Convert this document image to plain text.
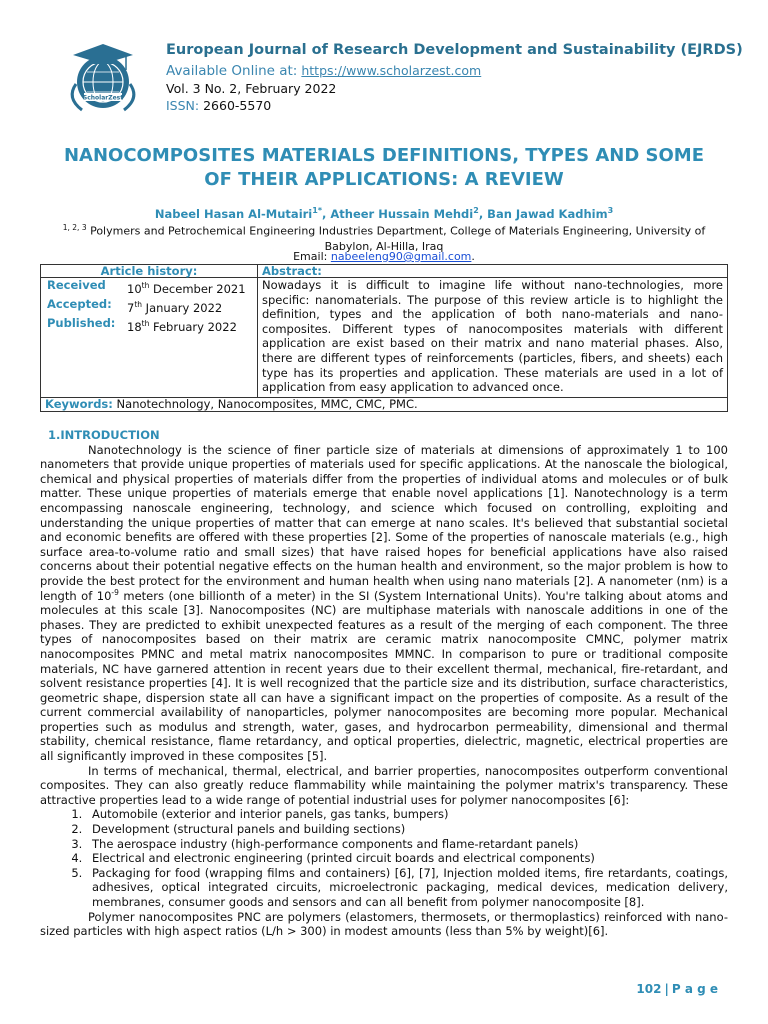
ScholarZest
European Journal of Research Development and Sustainability (EJRDS)
Available Online at: https://www.scholarzest.com
Vol. 3 No. 2, February 2022
ISSN: 2660-5570
NANOCOMPOSITES MATERIALS DEFINITIONS, TYPES AND SOME
OF THEIR APPLICATIONS: A REVIEW
Nabeel Hasan Al-Mutairi$^{1*}$, Atheer Hussain Mehdi$^2$, Ban Jawad Kadhim$^3$
$^{1, 2, 3}$ Polymers and Petrochemical Engineering Industries Department, College of Materials Engineering, University of
Babylon, Al-Hilla, Iraq
Email: nabeeleng90@gmail.com.
Article history:	Abstract:

Received	10th December 2021
Accepted:	7th January 2022
Published:	18th February 2022
	Nowadays it is difficult to imagine life without nano-technologies, more specific: nanomaterials. The purpose of this review article is to highlight the definition, types and the application of both nano-materials and nano-composites. Different types of nanocomposites materials with different application are exist based on their matrix and nano material phases. Also, there are different types of reinforcements (particles, fibers, and sheets) each type has its properties and application. These materials are used in a lot of application from easy application to advanced once.
Keywords: Nanotechnology, Nanocomposites, MMC, CMC, PMC.
1.INTRODUCTION

Nanotechnology is the science of finer particle size of materials at dimensions of approximately 1 to 100 nanometers that provide unique properties of materials used for specific applications. At the nanoscale the biological, chemical and physical properties of materials differ from the properties of individual atoms and molecules or of bulk matter. These unique properties of materials emerge that enable novel applications [1]. Nanotechnology is a term encompassing nanoscale engineering, technology, and science which focused on controlling, exploiting and understanding the unique properties of matter that can emerge at nano scales. It's believed that substantial societal and economic benefits are offered with these properties [2]. Some of the properties of nanoscale materials (e.g., high surface area-to-volume ratio and small sizes) that have raised hopes for beneficial applications have also raised concerns about their potential negative effects on the human health and environment, so the major problem is how to provide the best protect for the environment and human health when using nano materials [2]. A nanometer (nm) is a length of $10^{-9}$ meters (one billionth of a meter) in the SI (System International Units). You're talking about atoms and molecules at this scale [3]. Nanocomposites (NC) are multiphase materials with nanoscale additions in one of the phases. They are predicted to exhibit unexpected features as a result of the merging of each component. The three types of nanocomposites based on their matrix are ceramic matrix nanocomposite CMNC, polymer matrix nanocomposites PMNC and metal matrix nanocomposites MMNC. In comparison to pure or traditional composite materials, NC have garnered attention in recent years due to their excellent thermal, mechanical, fire-retardant, and solvent resistance properties [4]. It is well recognized that the particle size and its distribution, surface characteristics, geometric shape, dispersion state all can have a significant impact on the properties of composite. As a result of the current commercial availability of nanoparticles, polymer nanocomposites are becoming more popular. Mechanical properties such as modulus and strength, water, gases, and hydrocarbon permeability, dimensional and thermal stability, chemical resistance, flame retardancy, and optical properties, dielectric, magnetic, electrical properties are all significantly improved in these composites [5].

In terms of mechanical, thermal, electrical, and barrier properties, nanocomposites outperform conventional composites. They can also greatly reduce flammability while maintaining the polymer matrix's transparency. These attractive properties lead to a wide range of potential industrial uses for polymer nanocomposites [6]:

1. Automobile (exterior and interior panels, gas tanks, bumpers)
2. Development (structural panels and building sections)
3. The aerospace industry (high-performance components and flame-retardant panels)
4. Electrical and electronic engineering (printed circuit boards and electrical components)
5. Packaging for food (wrapping films and containers) [6], [7], Injection molded items, fire retardants, coatings, adhesives, optical integrated circuits, microelectronic packaging, medical devices, medication delivery, membranes, consumer goods and sensors and can all benefit from polymer nanocomposite [8].

Polymer nanocomposites PNC are polymers (elastomers, thermosets, or thermoplastics) reinforced with nano-sized particles with high aspect ratios (L/h > 300) in modest amounts (less than 5% by weight)[6].

102 | P a g e
